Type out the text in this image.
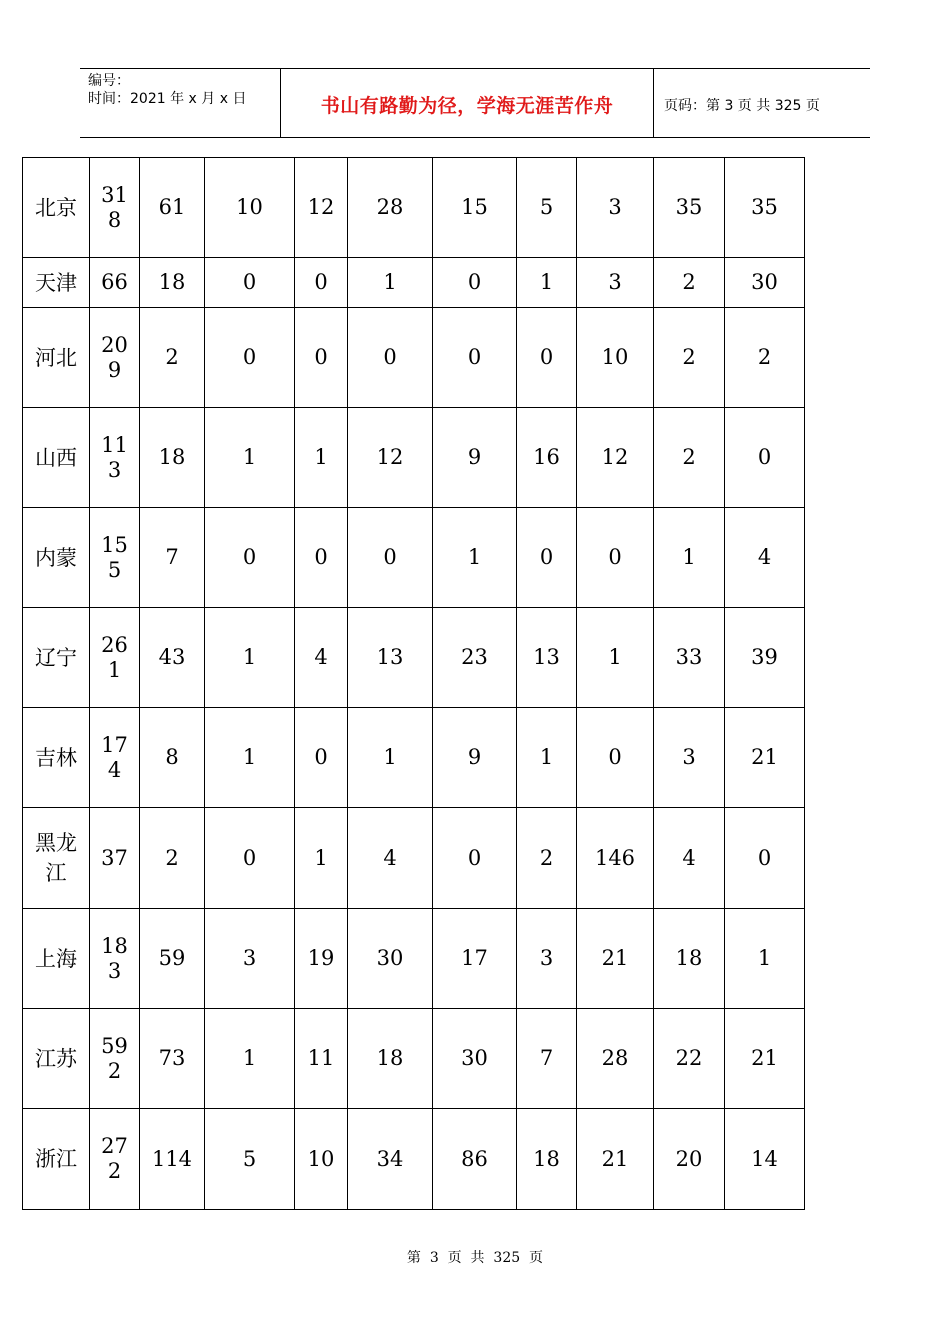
编号：
时间：2021 年 x 月 x 日	书山有路勤为径，学海无涯苦作舟	页码：第 3 页 共 325 页
北京	318	61	10	12	28	15	5	3	35	35
天津	66	18	0	0	1	0	1	3	2	30
河北	209	2	0	0	0	0	0	10	2	2
山西	113	18	1	1	12	9	16	12	2	0
内蒙	155	7	0	0	0	1	0	0	1	4
辽宁	261	43	1	4	13	23	13	1	33	39
吉林	174	8	1	0	1	9	1	0	3	21
黑龙江	37	2	0	1	4	0	2	146	4	0
上海	183	59	3	19	30	17	3	21	18	1
江苏	592	73	1	11	18	30	7	28	22	21
浙江	272	114	5	10	34	86	18	21	20	14
第  3  页  共  325  页
